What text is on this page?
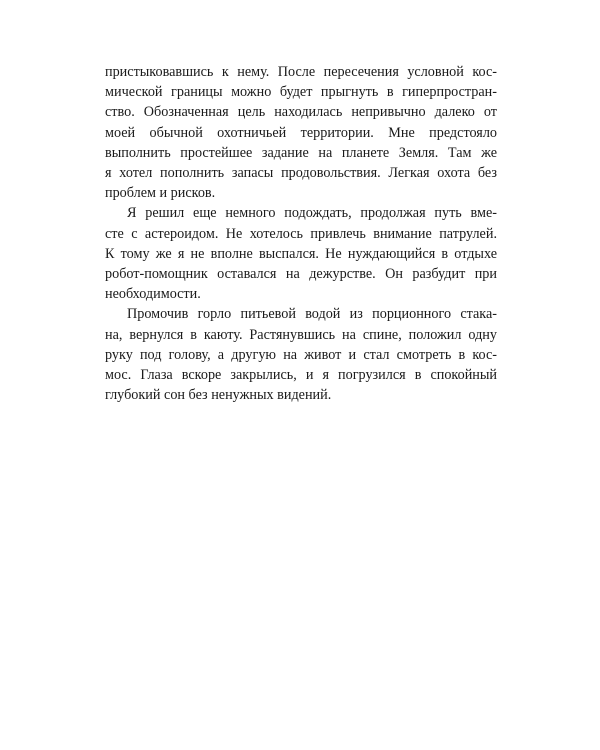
пристыковавшись к нему. После пересечения условной кос-
мической границы можно будет прыгнуть в гиперпростран-
ство. Обозначенная цель находилась непривычно далеко от
моей обычной охотничьей территории. Мне предстояло
выполнить простейшее задание на планете Земля. Там же
я хотел пополнить запасы продовольствия. Легкая охота без
проблем и рисков.

Я решил еще немного подождать, продолжая путь вме-
сте с астероидом. Не хотелось привлечь внимание патрулей.
К тому же я не вполне выспался. Не нуждающийся в отдыхе
робот-помощник оставался на дежурстве. Он разбудит при
необходимости.

Промочив горло питьевой водой из порционного стака-
на, вернулся в каюту. Растянувшись на спине, положил одну
руку под голову, а другую на живот и стал смотреть в кос-
мос. Глаза вскоре закрылись, и я погрузился в спокойный
глубокий сон без ненужных видений.
